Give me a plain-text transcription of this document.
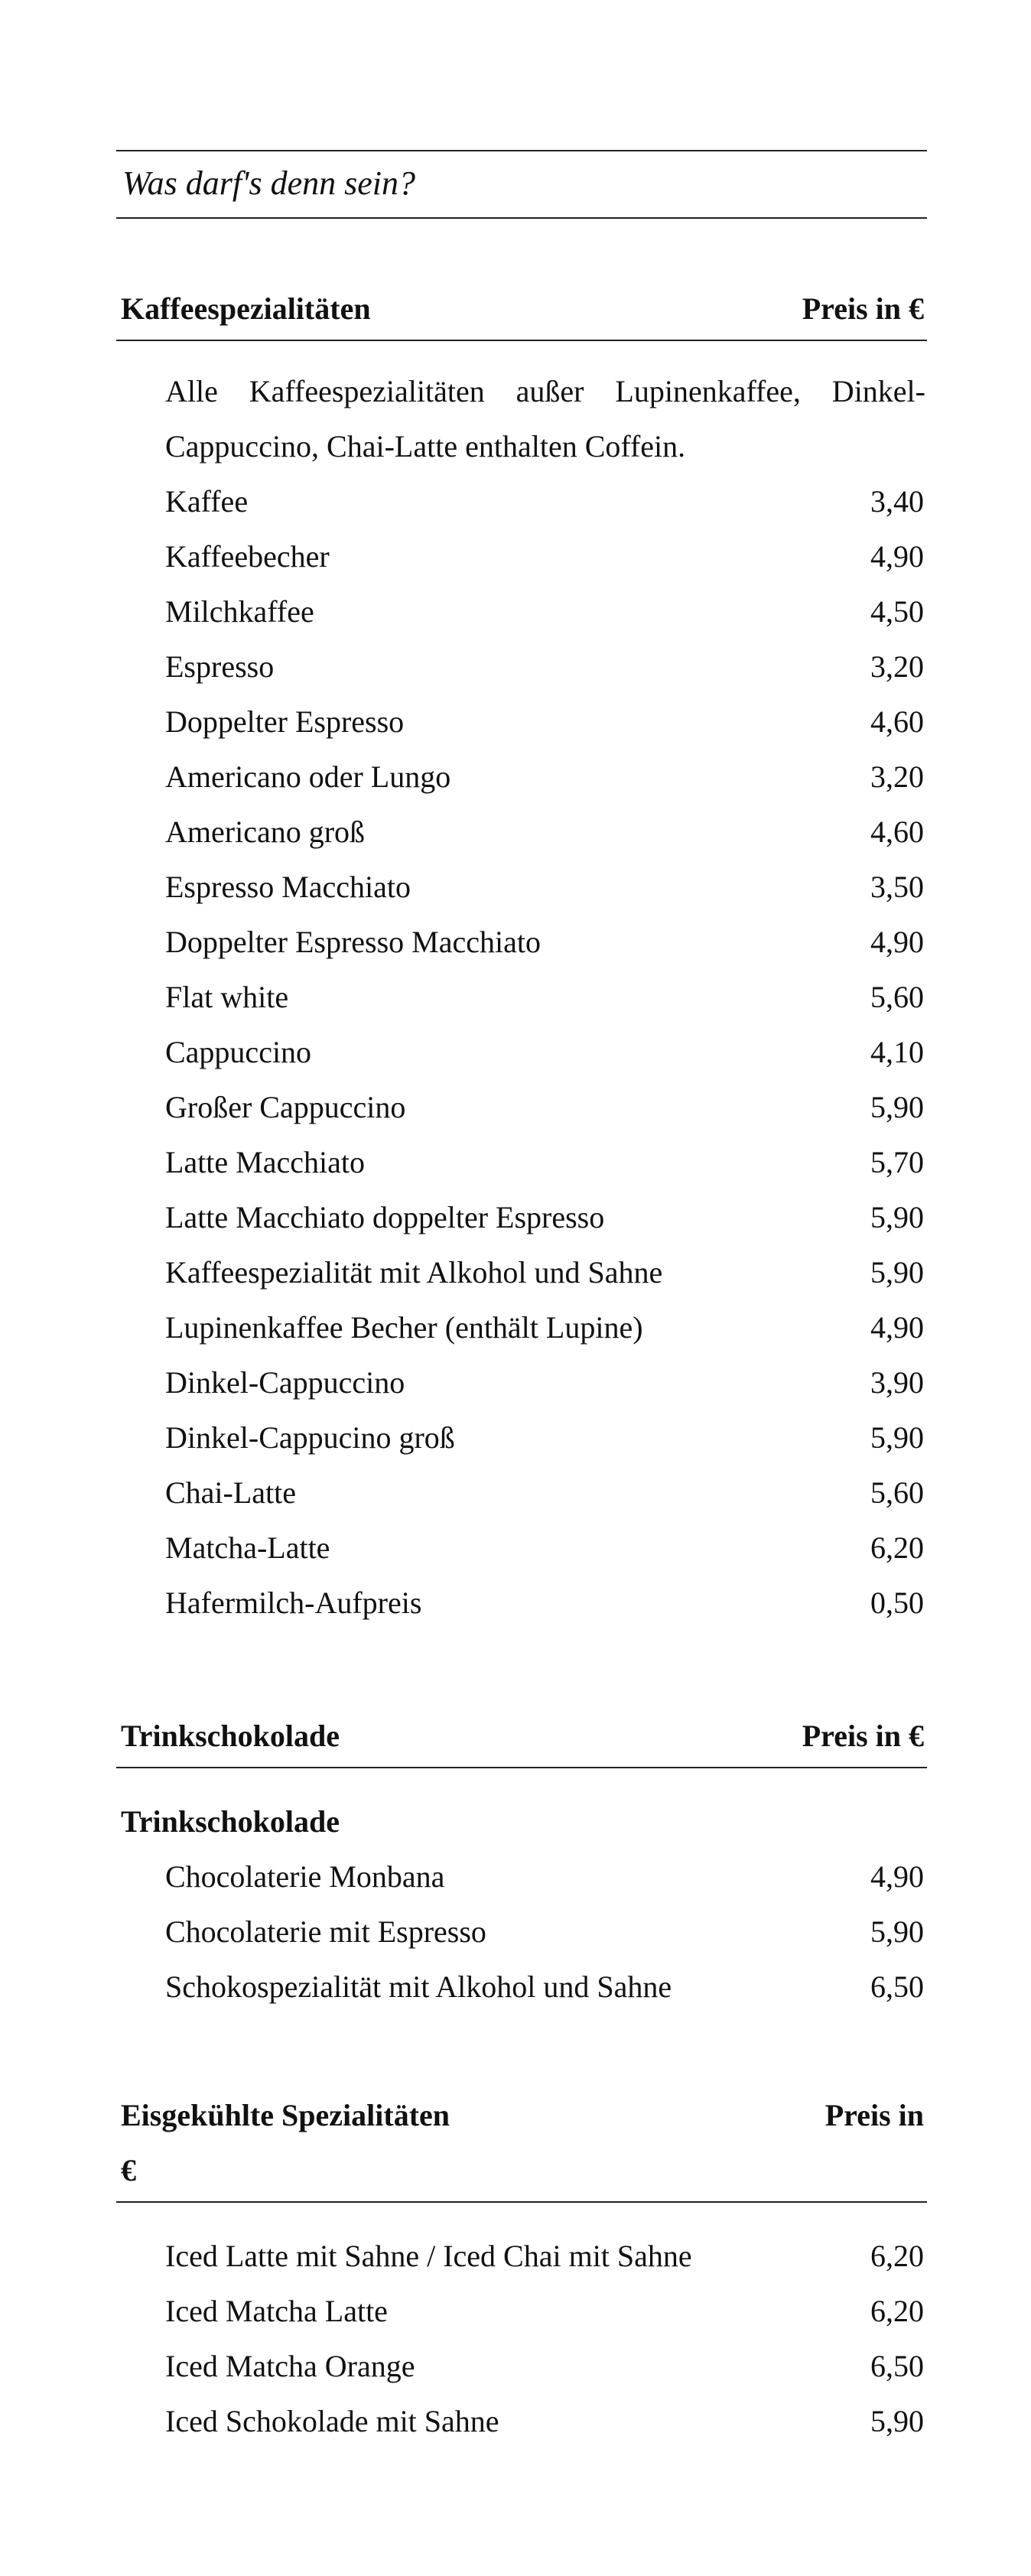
Was darf's denn sein?
Kaffeespezialitäten	Preis in €
Alle Kaffeespezialitäten außer Lupinenkaffee, Dinkel-Cappuccino, Chai-Latte enthalten Coffein.
Kaffee	3,40
Kaffeebecher	4,90
Milchkaffee	4,50
Espresso	3,20
Doppelter Espresso	4,60
Americano oder Lungo	3,20
Americano groß	4,60
Espresso Macchiato	3,50
Doppelter Espresso Macchiato	4,90
Flat white	5,60
Cappuccino	4,10
Großer Cappuccino	5,90
Latte Macchiato	5,70
Latte Macchiato doppelter Espresso	5,90
Kaffeespezialität mit Alkohol und Sahne	5,90
Lupinenkaffee Becher (enthält Lupine)	4,90
Dinkel-Cappuccino	3,90
Dinkel-Cappucino groß	5,90
Chai-Latte	5,60
Matcha-Latte	6,20
Hafermilch-Aufpreis	0,50
Trinkschokolade	Preis in €
Trinkschokolade
Chocolaterie Monbana	4,90
Chocolaterie mit Espresso	5,90
Schokospezialität mit Alkohol und Sahne	6,50
Eisgekühlte Spezialitäten	Preis in
€
Iced Latte mit Sahne / Iced Chai mit Sahne	6,20
Iced Matcha Latte	6,20
Iced Matcha Orange	6,50
Iced Schokolade mit Sahne	5,90
